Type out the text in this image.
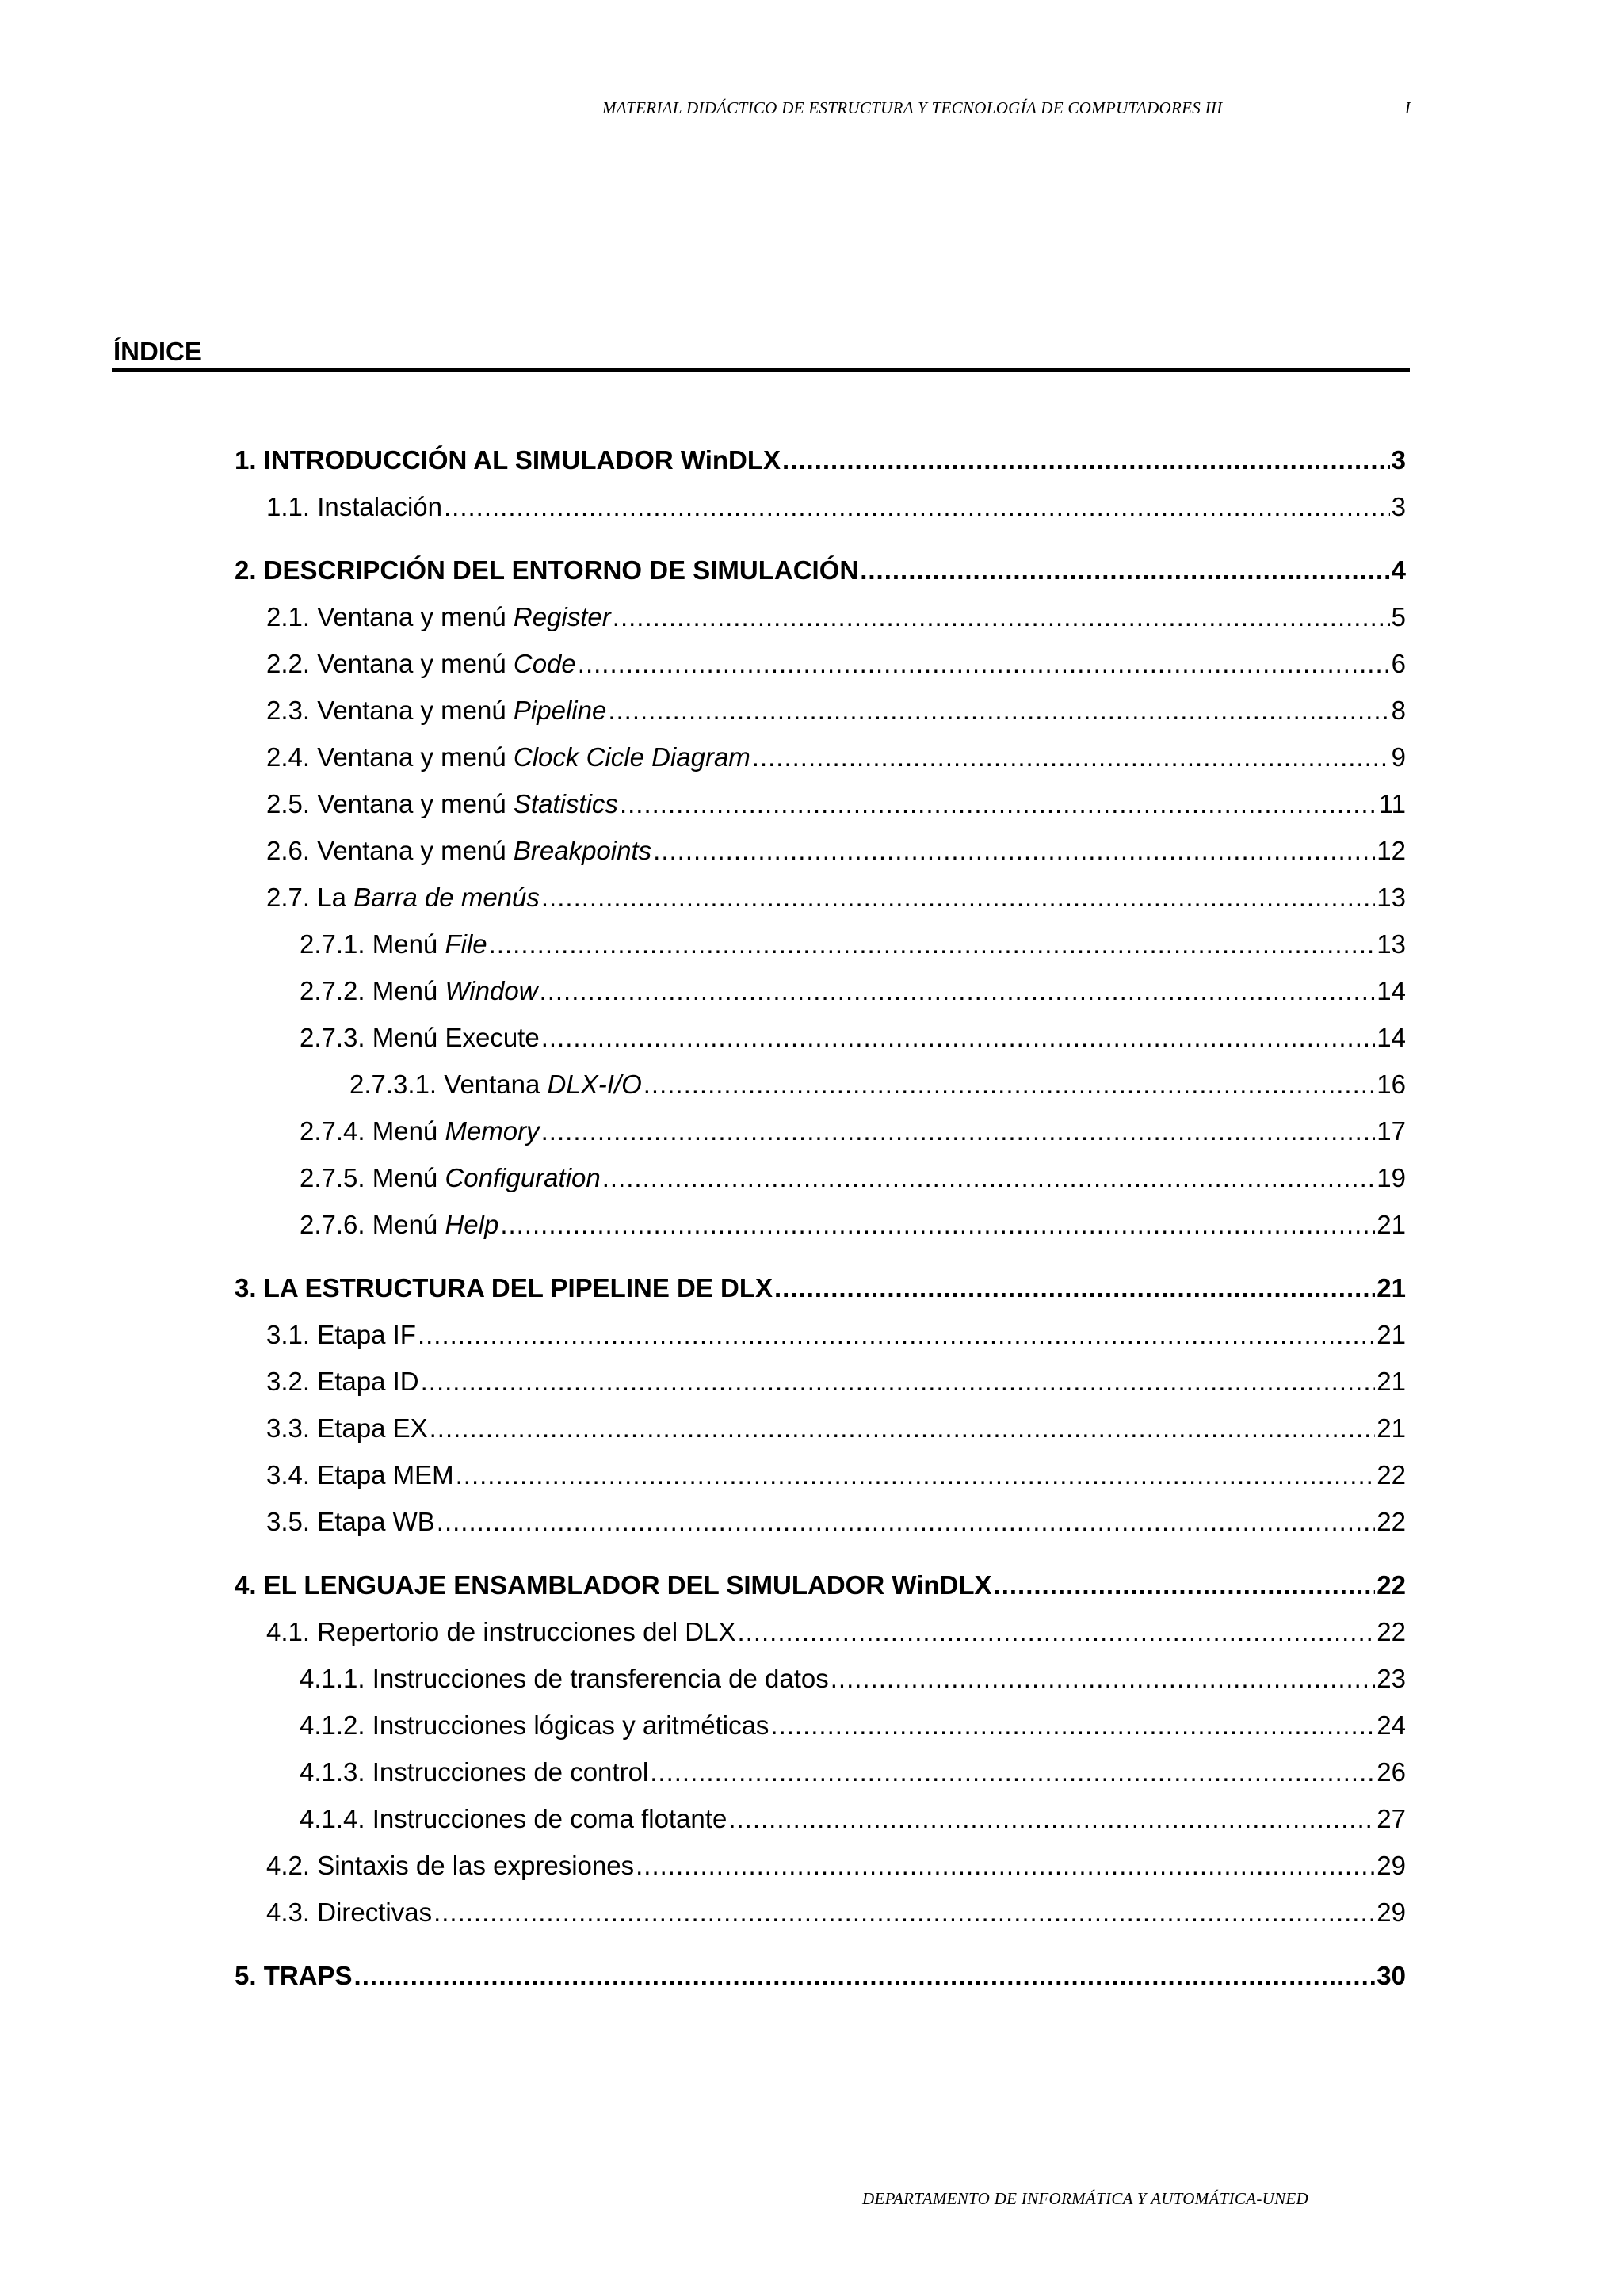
MATERIAL DIDÁCTICO DE ESTRUCTURA Y TECNOLOGÍA DE COMPUTADORES III	I
ÍNDICE
1. INTRODUCCIÓN AL SIMULADOR WinDLX .....	3
1.1. Instalación .....	3
2. DESCRIPCIÓN DEL ENTORNO DE SIMULACIÓN .....	4
2.1. Ventana y menú Register .....	5
2.2. Ventana y menú Code .....	6
2.3. Ventana y menú Pipeline .....	8
2.4. Ventana y menú Clock Cicle Diagram .....	9
2.5. Ventana y menú Statistics .....	11
2.6. Ventana y menú Breakpoints .....	12
2.7. La Barra de menús .....	13
2.7.1. Menú File .....	13
2.7.2. Menú Window .....	14
2.7.3. Menú Execute .....	14
2.7.3.1. Ventana DLX-I/O .....	16
2.7.4. Menú Memory .....	17
2.7.5. Menú Configuration .....	19
2.7.6. Menú Help .....	21
3. LA ESTRUCTURA DEL PIPELINE DE DLX .....	21
3.1. Etapa IF .....	21
3.2. Etapa ID .....	21
3.3. Etapa EX .....	21
3.4. Etapa MEM .....	22
3.5. Etapa WB .....	22
4. EL LENGUAJE ENSAMBLADOR DEL SIMULADOR WinDLX .....	22
4.1. Repertorio de instrucciones del DLX .....	22
4.1.1. Instrucciones de transferencia de datos .....	23
4.1.2. Instrucciones lógicas y aritméticas .....	24
4.1.3. Instrucciones de control .....	26
4.1.4. Instrucciones de coma flotante .....	27
4.2. Sintaxis de las expresiones .....	29
4.3. Directivas .....	29
5. TRAPS .....	30
DEPARTAMENTO DE INFORMÁTICA Y AUTOMÁTICA-UNED
